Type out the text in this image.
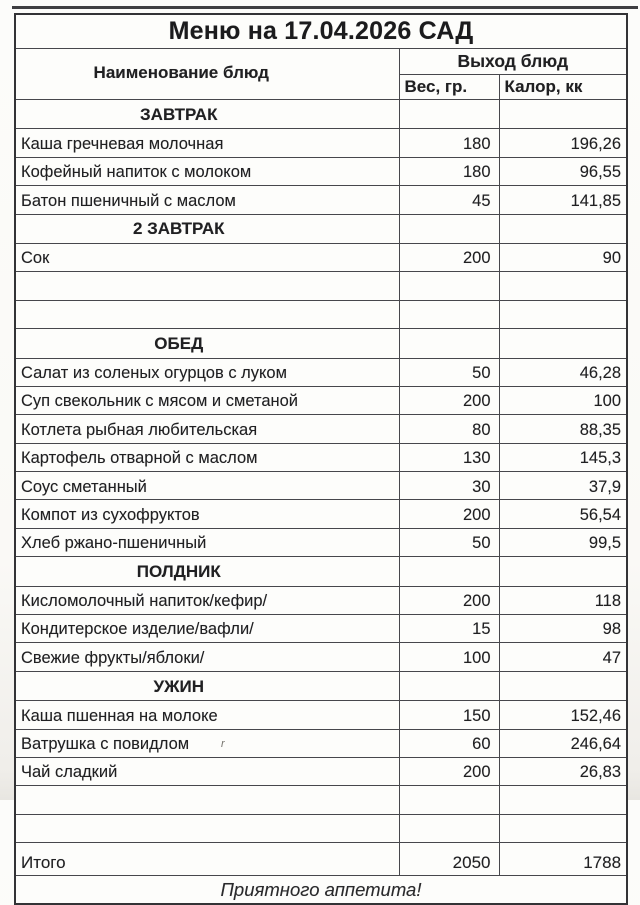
Меню на 17.04.2026 САД		
Наименование блюд	Выход блюд	
	Вес, гр.	Калор, кк
ЗАВТРАК		
Каша гречневая молочная	180	196,26
Кофейный напиток с молоком	180	96,55
Батон пшеничный с маслом	45	141,85
2 ЗАВТРАК		
Сок	200	90

ОБЕД		
Салат из соленых огурцов с луком	50	46,28
Суп свекольник с мясом и сметаной	200	100
Котлета рыбная любительская	80	88,35
Картофель отварной с маслом	130	145,3
Соус сметанный	30	37,9
Компот из сухофруктов	200	56,54
Хлеб ржано-пшеничный	50	99,5
ПОЛДНИК		
Кисломолочный напиток/кефир/	200	118
Кондитерское изделие/вафли/	15	98
Свежие фрукты/яблоки/	100	47
УЖИН		
Каша пшенная на молоке	150	152,46
Ватрушка с повидлом	60	246,64
Чай сладкий	200	26,83

Итого	2050	1788
Приятного аппетита!		
r
